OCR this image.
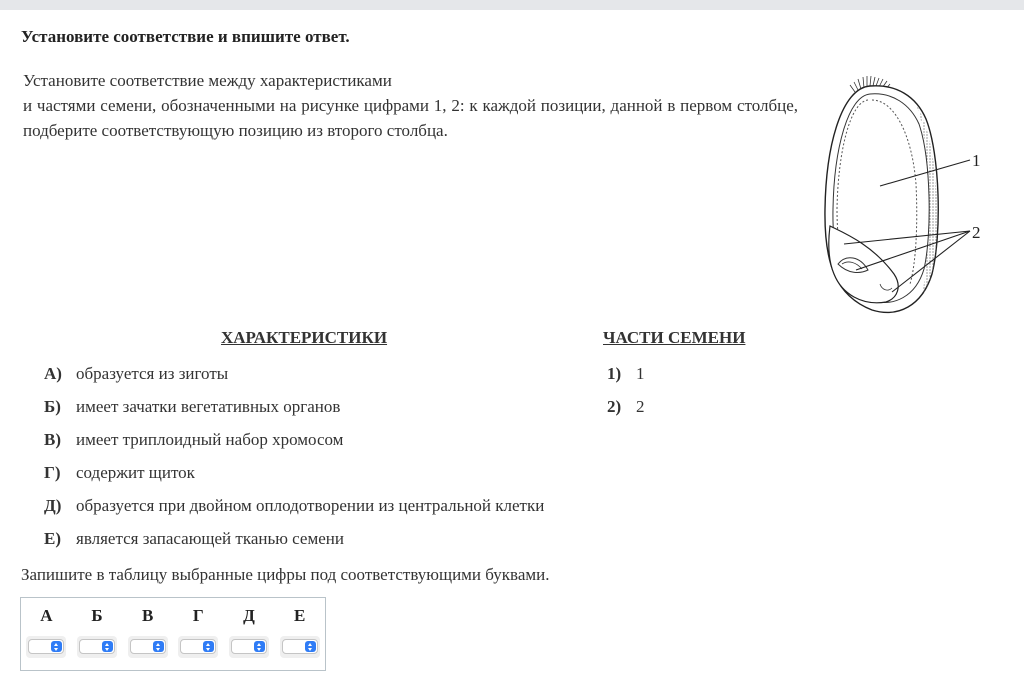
Установите соответствие и впишите ответ.

Установите соответствие между характеристиками

и частями семени, обозначенными на рисунке цифрами 1, 2: к каждой позиции, данной в первом столбце, подберите соответствующую позицию из второго столбца.

1
2
ХАРАКТЕРИСТИКИ	ЧАСТИ СЕМЕНИ
А) образуется из зиготы
Б) имеет зачатки вегетативных органов
В) имеет триплоидный набор хромосом
Г) содержит щиток
Д) образуется при двойном оплодотворении из центральной клетки
Е) является запасающей тканью семени
1) 1
2) 2
Запишите в таблицу выбранные цифры под соответствующими буквами.
А	Б	В	Г	Д	Е
